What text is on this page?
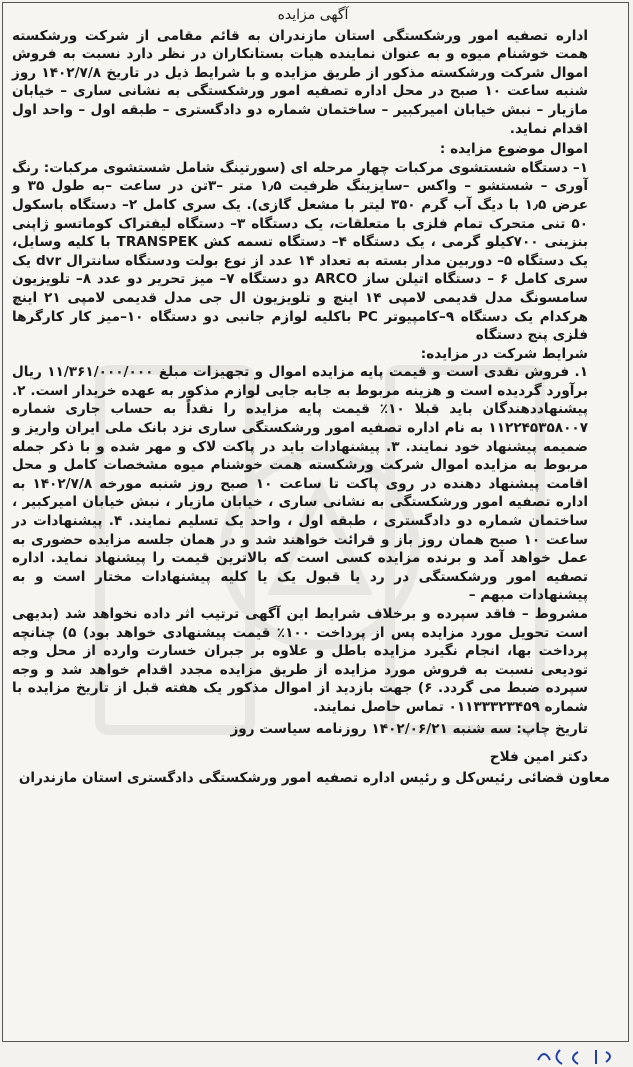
آگهی مزایده

اداره تصفیه امور ورشکستگی استان مازندران به قائم مقامی از شرکت ورشکسته همت خوشنام میوه و به عنوان نماینده هیات بستانکاران در نظر دارد نسبت به فروش اموال شرکت ورشکسته مذکور از طریق مزایده و با شرایط ذیل در تاریخ ۱۴۰۲/۷/۸ روز شنبه ساعت ۱۰ صبح در محل اداره تصفیه امور ورشکستگی به نشانی ساری – خیابان مازیار – نبش خیابان امیرکبیر – ساختمان شماره دو دادگستری – طبقه اول – واحد اول اقدام نماید.

اموال موضوع مزایده :

۱– دستگاه شستشوی مرکبات چهار مرحله ای (سورتینگ شامل شستشوی مرکبات: رنگ آوری – شستشو – واکس –سایزینگ ظرفیت ۱٫۵ متر –۳تن در ساعت –به طول ۳۵ و عرض ۱٫۵ با دیگ آب گرم ۳۵۰ لیتر با مشعل گازی). یک سری کامل ۲– دستگاه باسکول ۵۰ تنی متحرک تمام فلزی با متعلقات، یک دستگاه ۳– دستگاه لیفتراک کوماتسو ژاپنی بنزینی ۷۰۰کیلو گرمی ، یک دستگاه ۴– دستگاه تسمه کش TRANSPEK با کلیه وسایل، یک دستگاه ۵– دوربین مدار بسته به تعداد ۱۴ عدد از نوع بولت ودستگاه سانترال dvr یک سری کامل ۶ – دستگاه اتیلن ساز ARCO دو دستگاه ۷– میز تحریر دو عدد ۸– تلویزیون سامسونگ مدل قدیمی لامپی ۱۴ اینچ و تلویزیون ال جی مدل قدیمی لامپی ۲۱ اینچ هرکدام یک دستگاه ۹–کامپیوتر PC باکلیه لوازم جانبی دو دستگاه ۱۰–میز کار کارگرها فلزی پنج دستگاه

شرایط شرکت در مزایده:

۱. فروش نقدی است و قیمت پایه مزایده اموال و تجهیزات مبلغ ۱۱/۳۶۱/۰۰۰/۰۰۰ ریال برآورد گردیده است و هزینه مربوط به جابه جایی لوازم مذکور به عهده خریدار است. ۲. پیشنهاددهندگان باید قبلا ۱۰٪ قیمت پایه مزایده را نقداً به حساب جاری شماره ۱۱۲۲۴۵۳۵۸۰۰۷ به نام اداره تصفیه امور ورشکستگی ساری نزد بانک ملی ایران واریز و ضمیمه پیشنهاد خود نمایند. ۳. پیشنهادات باید در پاکت لاک و مهر شده و با ذکر جمله مربوط به مزایده اموال شرکت ورشکسته همت خوشنام میوه مشخصات کامل و محل اقامت پیشنهاد دهنده در روی پاکت تا ساعت ۱۰ صبح روز شنبه مورخه ۱۴۰۲/۷/۸ به اداره تصفیه امور ورشکستگی به نشانی ساری ، خیابان مازیار ، نبش خیابان امیرکبیر ، ساختمان شماره دو دادگستری ، طبقه اول ، واحد یک تسلیم نمایند. ۴. پیشنهادات در ساعت ۱۰ صبح همان روز باز و قرائت خواهند شد و در همان جلسه مزایده حضوری به عمل خواهد آمد و برنده مزایده کسی است که بالاترین قیمت را پیشنهاد نماید. اداره تصفیه امور ورشکستگی در رد یا قبول یک یا کلیه پیشنهادات مختار است و به پیشنهادات مبهم –

مشروط – فاقد سپرده و برخلاف شرایط این آگهی ترتیب اثر داده نخواهد شد (بدیهی است تحویل مورد مزایده پس از پرداخت ۱۰۰٪ قیمت پیشنهادی خواهد بود) ۵) چنانچه پرداخت بها، انجام نگیرد مزایده باطل و علاوه بر جبران خسارت وارده از محل وجه تودیعی نسبت به فروش مورد مزایده از طریق مزایده مجدد اقدام خواهد شد و وجه سپرده ضبط می گردد. ۶) جهت بازدید از اموال مذکور یک هفته قبل از تاریخ مزایده با شماره ۰۱۱۳۳۳۲۳۴۵۹ تماس حاصل نمایند.

تاریخ چاپ: سه شنبه ۱۴۰۲/۰۶/۲۱ روزنامه سیاست روز
دکتر امین فلاح
معاون قضائی رئیس‌کل و رئیس اداره تصفیه امور ورشکستگی دادگستری استان مازندران
